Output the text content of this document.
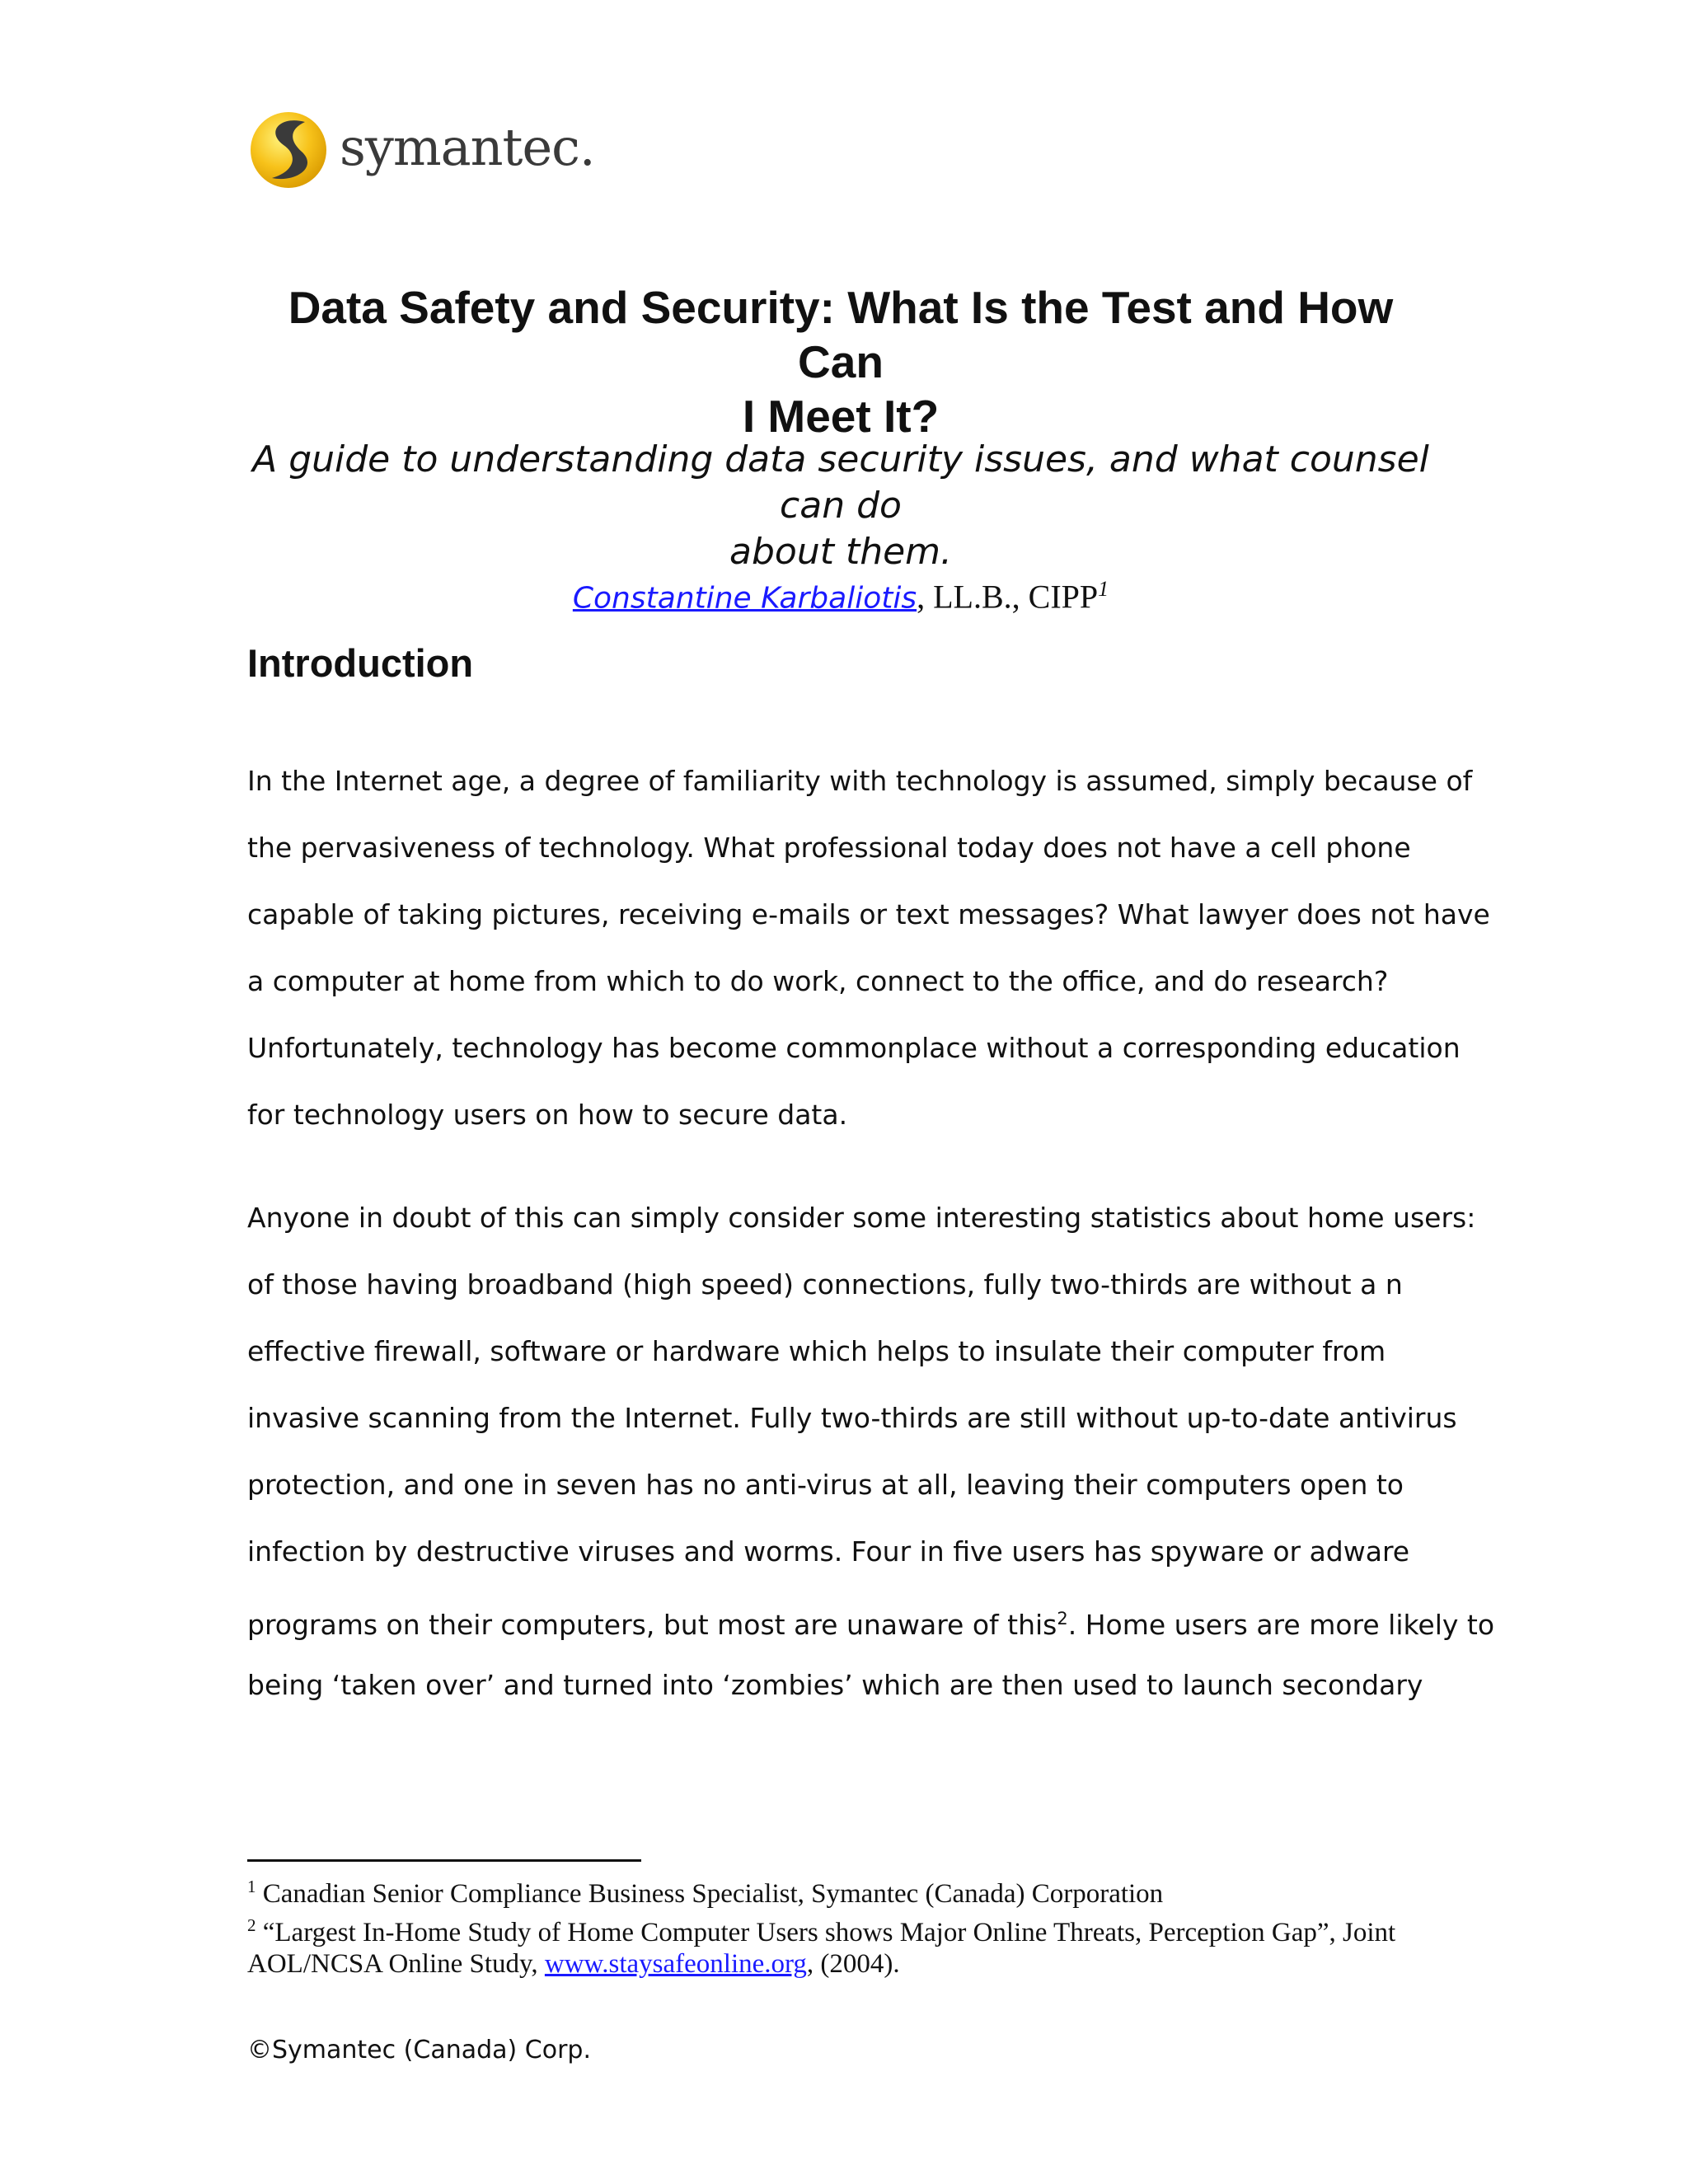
symantec.
Data Safety and Security: What Is the Test and How Can
I Meet It?
A guide to understanding data security issues, and what counsel can do
about them.
Constantine Karbaliotis, LL.B., CIPP$^1$
Introduction
In the Internet age, a degree of familiarity with technology is assumed, simply because of
the pervasiveness of technology. What professional today does not have a cell phone
capable of taking pictures, receiving e-mails or text messages? What lawyer does not have
a computer at home from which to do work, connect to the office, and do research?
Unfortunately, technology has become commonplace without a corresponding education
for technology users on how to secure data.
Anyone in doubt of this can simply consider some interesting statistics about home users:
of those having broadband (high speed) connections, fully two-thirds are without a n
effective firewall, software or hardware which helps to insulate their computer from
invasive scanning from the Internet. Fully two-thirds are still without up-to-date antivirus
protection, and one in seven has no anti-virus at all, leaving their computers open to
infection by destructive viruses and worms. Four in five users has spyware or adware
programs on their computers, but most are unaware of this$^2$. Home users are more likely to
being ‘taken over’ and turned into ‘zombies’ which are then used to launch secondary
$^1$ Canadian Senior Compliance Business Specialist, Symantec (Canada) Corporation
$^2$ “Largest In-Home Study of Home Computer Users shows Major Online Threats, Perception Gap”, Joint
AOL/NCSA Online Study, www.staysafeonline.org, (2004).
©Symantec (Canada) Corp.
